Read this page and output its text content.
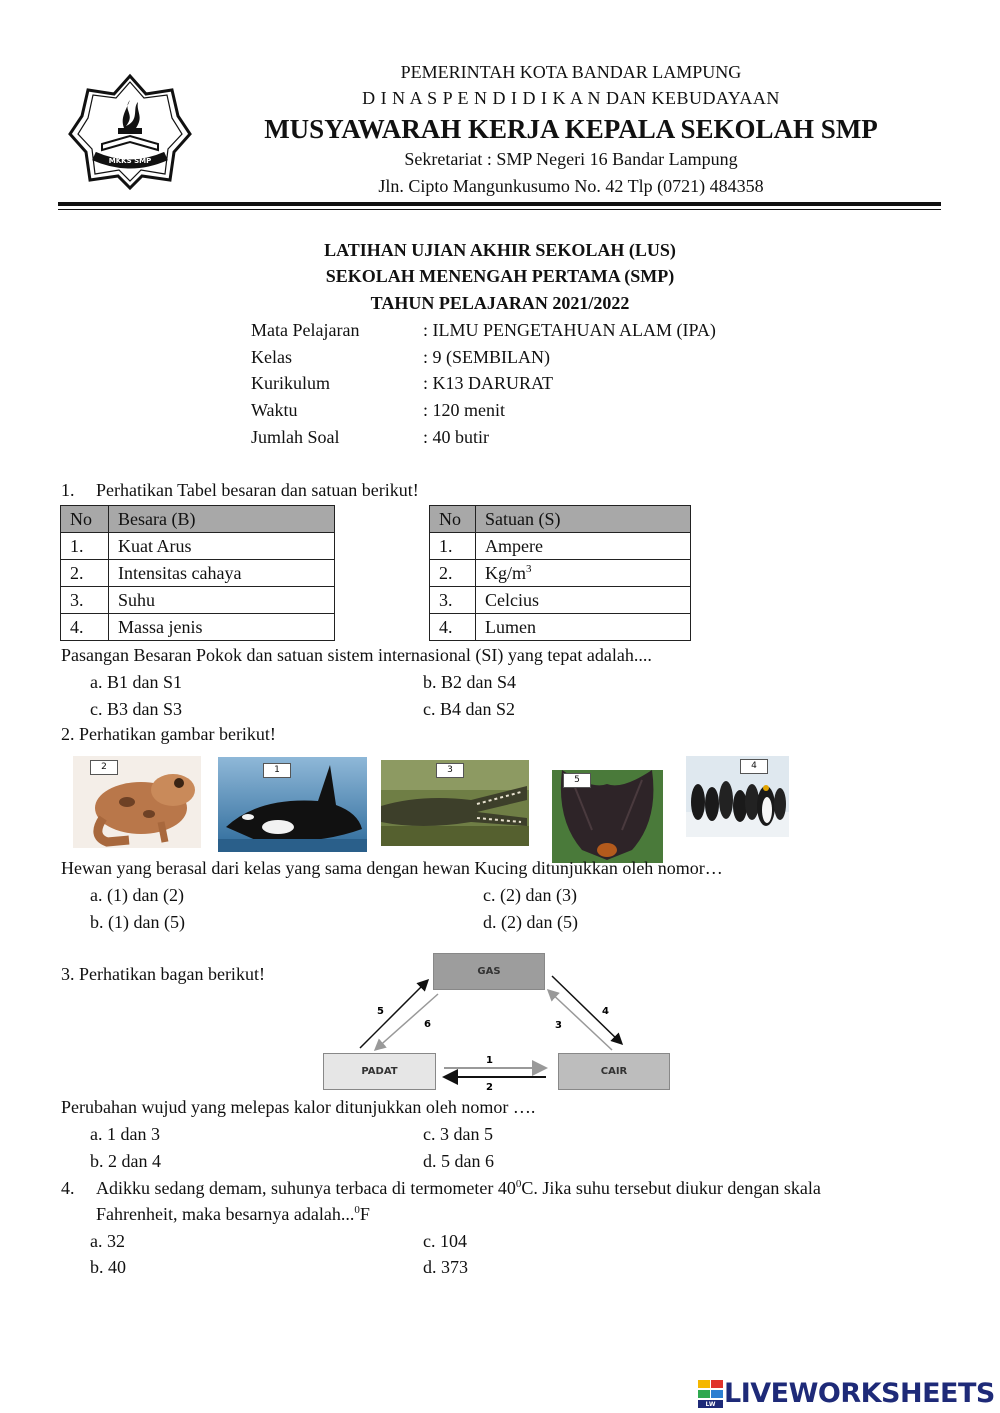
MKKS SMP
PEMERINTAH KOTA BANDAR LAMPUNG
D I N A S P E N D I D I K A N DAN KEBUDAYAAN
MUSYAWARAH KERJA KEPALA SEKOLAH SMP
Sekretariat : SMP Negeri 16 Bandar Lampung
Jln. Cipto Mangunkusumo No. 42 Tlp (0721) 484358
LATIHAN UJIAN AKHIR SEKOLAH (LUS)
SEKOLAH MENENGAH PERTAMA (SMP)
TAHUN PELAJARAN 2021/2022
Mata Pelajaran	: ILMU PENGETAHUAN ALAM (IPA)
Kelas	: 9 (SEMBILAN)
Kurikulum	: K13 DARURAT
Waktu	: 120 menit
Jumlah Soal	: 40 butir
1. Perhatikan Tabel besaran dan satuan berikut!
No	Besara (B)
1.	Kuat Arus
2.	Intensitas cahaya
3.	Suhu
4.	Massa jenis
No	Satuan (S)
1.	Ampere
2.	$Kg/m^3$
3.	Celcius
4.	Lumen
Pasangan Besaran Pokok dan satuan sistem internasional (SI) yang tepat adalah....
a. B1 dan S1	b. B2 dan S4
c. B3 dan S3	c. B4 dan S2
2. Perhatikan gambar berikut!
2	1	3
5
4
Hewan yang berasal dari kelas yang sama dengan hewan Kucing ditunjukkan oleh nomor…
a. (1) dan (2)	c. (2) dan (3)
b. (1) dan (5)	d. (2) dan (5)
3. Perhatikan bagan berikut!	GAS
PADAT	CAIR
5
6
4
3
1
2
Perubahan wujud yang melepas kalor ditunjukkan oleh nomor ….
a. 1 dan 3	c. 3 dan 5
b. 2 dan 4	d. 5 dan 6
4. Adikku sedang demam, suhunya terbaca di termometer $40^0C$. Jika suhu tersebut diukur dengan skala
Fahrenheit, maka besarnya adalah...$^0$F
a. 32	c. 104
b. 40	d. 373
LW LIVEWORKSHEETS
